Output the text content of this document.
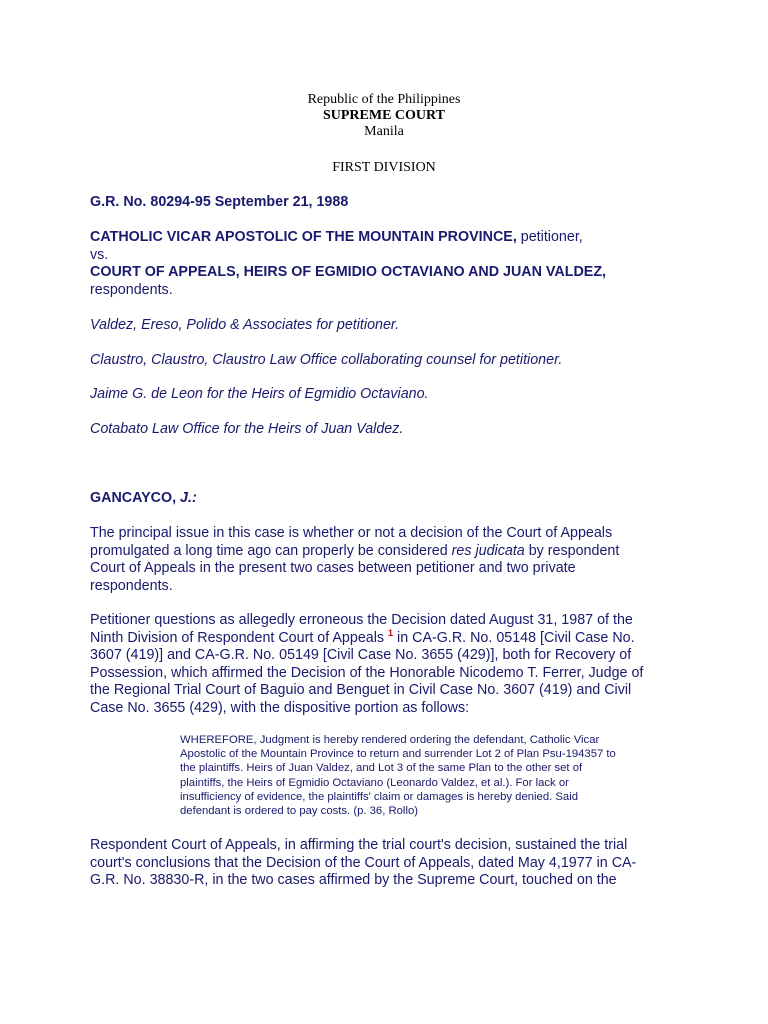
Republic of the Philippines
SUPREME COURT
Manila
FIRST DIVISION
G.R. No. 80294-95 September 21, 1988
CATHOLIC VICAR APOSTOLIC OF THE MOUNTAIN PROVINCE, petitioner,
vs.
COURT OF APPEALS, HEIRS OF EGMIDIO OCTAVIANO AND JUAN VALDEZ,
respondents.
Valdez, Ereso, Polido & Associates for petitioner.
Claustro, Claustro, Claustro Law Office collaborating counsel for petitioner.
Jaime G. de Leon for the Heirs of Egmidio Octaviano.
Cotabato Law Office for the Heirs of Juan Valdez.
GANCAYCO, J.:
The principal issue in this case is whether or not a decision of the Court of Appeals
promulgated a long time ago can properly be considered res judicata by respondent
Court of Appeals in the present two cases between petitioner and two private
respondents.
Petitioner questions as allegedly erroneous the Decision dated August 31, 1987 of the
Ninth Division of Respondent Court of Appeals $^1$ in CA-G.R. No. 05148 [Civil Case No.
3607 (419)] and CA-G.R. No. 05149 [Civil Case No. 3655 (429)], both for Recovery of
Possession, which affirmed the Decision of the Honorable Nicodemo T. Ferrer, Judge of
the Regional Trial Court of Baguio and Benguet in Civil Case No. 3607 (419) and Civil
Case No. 3655 (429), with the dispositive portion as follows:
WHEREFORE, Judgment is hereby rendered ordering the defendant, Catholic Vicar
Apostolic of the Mountain Province to return and surrender Lot 2 of Plan Psu-194357 to
the plaintiffs. Heirs of Juan Valdez, and Lot 3 of the same Plan to the other set of
plaintiffs, the Heirs of Egmidio Octaviano (Leonardo Valdez, et al.). For lack or
insufficiency of evidence, the plaintiffs' claim or damages is hereby denied. Said
defendant is ordered to pay costs. (p. 36, Rollo)
Respondent Court of Appeals, in affirming the trial court's decision, sustained the trial
court's conclusions that the Decision of the Court of Appeals, dated May 4,1977 in CA-
G.R. No. 38830-R, in the two cases affirmed by the Supreme Court, touched on the
